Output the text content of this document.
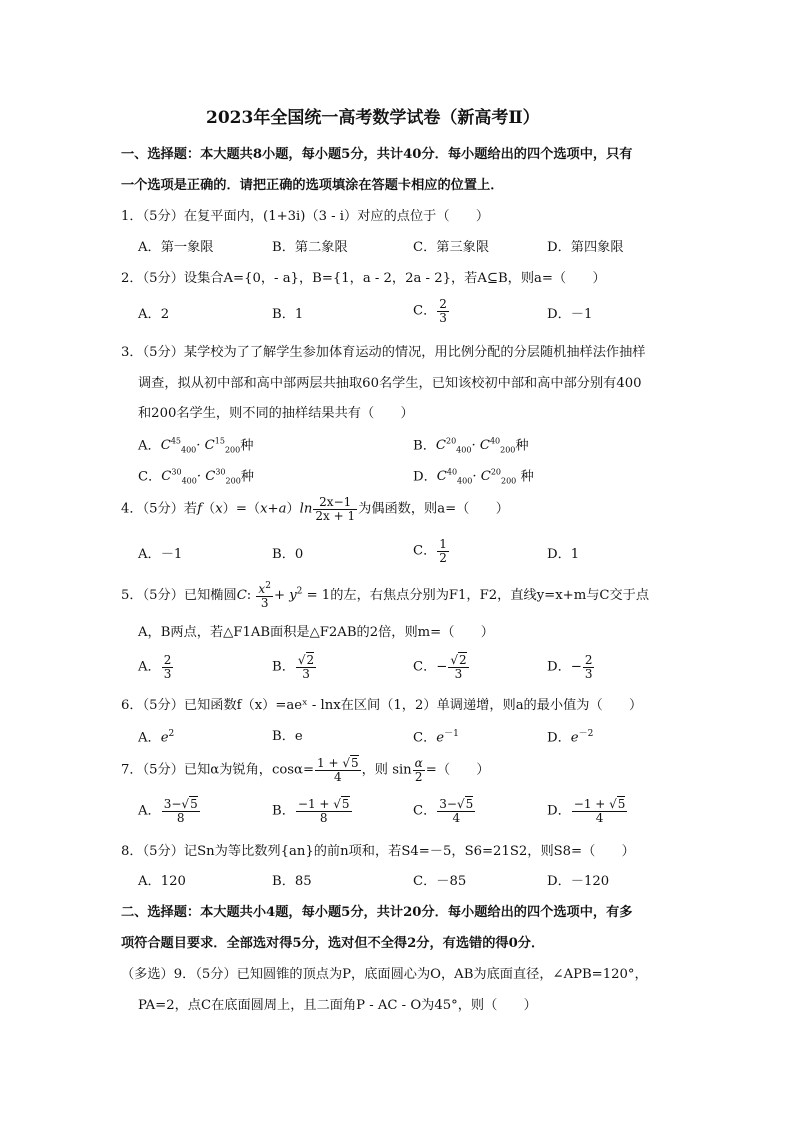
2023年全国统一高考数学试卷（新高考Ⅱ）
一、选择题：本大题共8小题，每小题5分，共计40分．每小题给出的四个选项中，只有
一个选项是正确的．请把正确的选项填涂在答题卡相应的位置上．
1．（5分）在复平面内，(1+3i)（3 - i）对应的点位于（　　）
A．第一象限	B．第二象限	C．第三象限	D．第四象限
2．（5分）设集合A={0，- a}，B={1，a - 2，2a - 2}，若A⊆B，则a=（　　）
A．2	B．1	C． $\frac{2}{3}$	D．－1
3．（5分）某学校为了了解学生参加体育运动的情况，用比例分配的分层随机抽样法作抽样
调查，拟从初中部和高中部两层共抽取60名学生，已知该校初中部和高中部分别有400
和200名学生，则不同的抽样结果共有（　　）
A．$C^{45}_{400}\cdot C^{15}_{200}$种	B．$C^{20}_{400}\cdot C^{40}_{200}$种
C．$C^{30}_{400}\cdot C^{30}_{200}$种	D．$C^{40}_{400}\cdot C^{20}_{200}$ 种
4．（5分）若$f(x)=(x+a)\ln \frac{2x-1}{2x + 1}$ 为偶函数，则a=（　　）
A．－1	B．0	C． $\frac{1}{2}$	D．1
5．（5分）已知椭圆C: $\frac{x^2}{3} + y^2 = 1$的左，右焦点分别为F1，F2，直线y=x+m与C交于点
A，B两点，若△F1AB面积是△F2AB的2倍，则m=（　　）
A． $\frac{2}{3}$	B． $\frac{√2}{3}$	C．− $\frac{√2}{3}$	D．− $\frac{2}{3}$
6．（5分）已知函数f（x）=aeˣ - lnx在区间（1，2）单调递增，则a的最小值为（　　）
A．$e^2$	B．e	C．$e^{-1}$	D．$e^{-2}$
7．（5分）已知α为锐角，$\cos\alpha= \frac{1 + √5}{4}$ ，则 $\sin \frac{\alpha}{2}$ =（　　）
A． $\frac{3-√5}{8}$	B． $\frac{-1 + √5}{8}$	C． $\frac{3-√5}{4}$	D． $\frac{-1 + √5}{4}$
8．（5分）记Sn为等比数列{an}的前n项和，若S4=－5，S6=21S2，则S8=（　　）
A．120	B．85	C．－85	D．－120
二、选择题：本大题共小4题，每小题5分，共计20分．每小题给出的四个选项中，有多
项符合题目要求．全部选对得5分，选对但不全得2分，有选错的得0分．
（多选）9．（5分）已知圆锥的顶点为P，底面圆心为O，AB为底面直径，∠APB=120°，
PA=2，点C在底面圆周上，且二面角P - AC - O为45°，则（　　）
